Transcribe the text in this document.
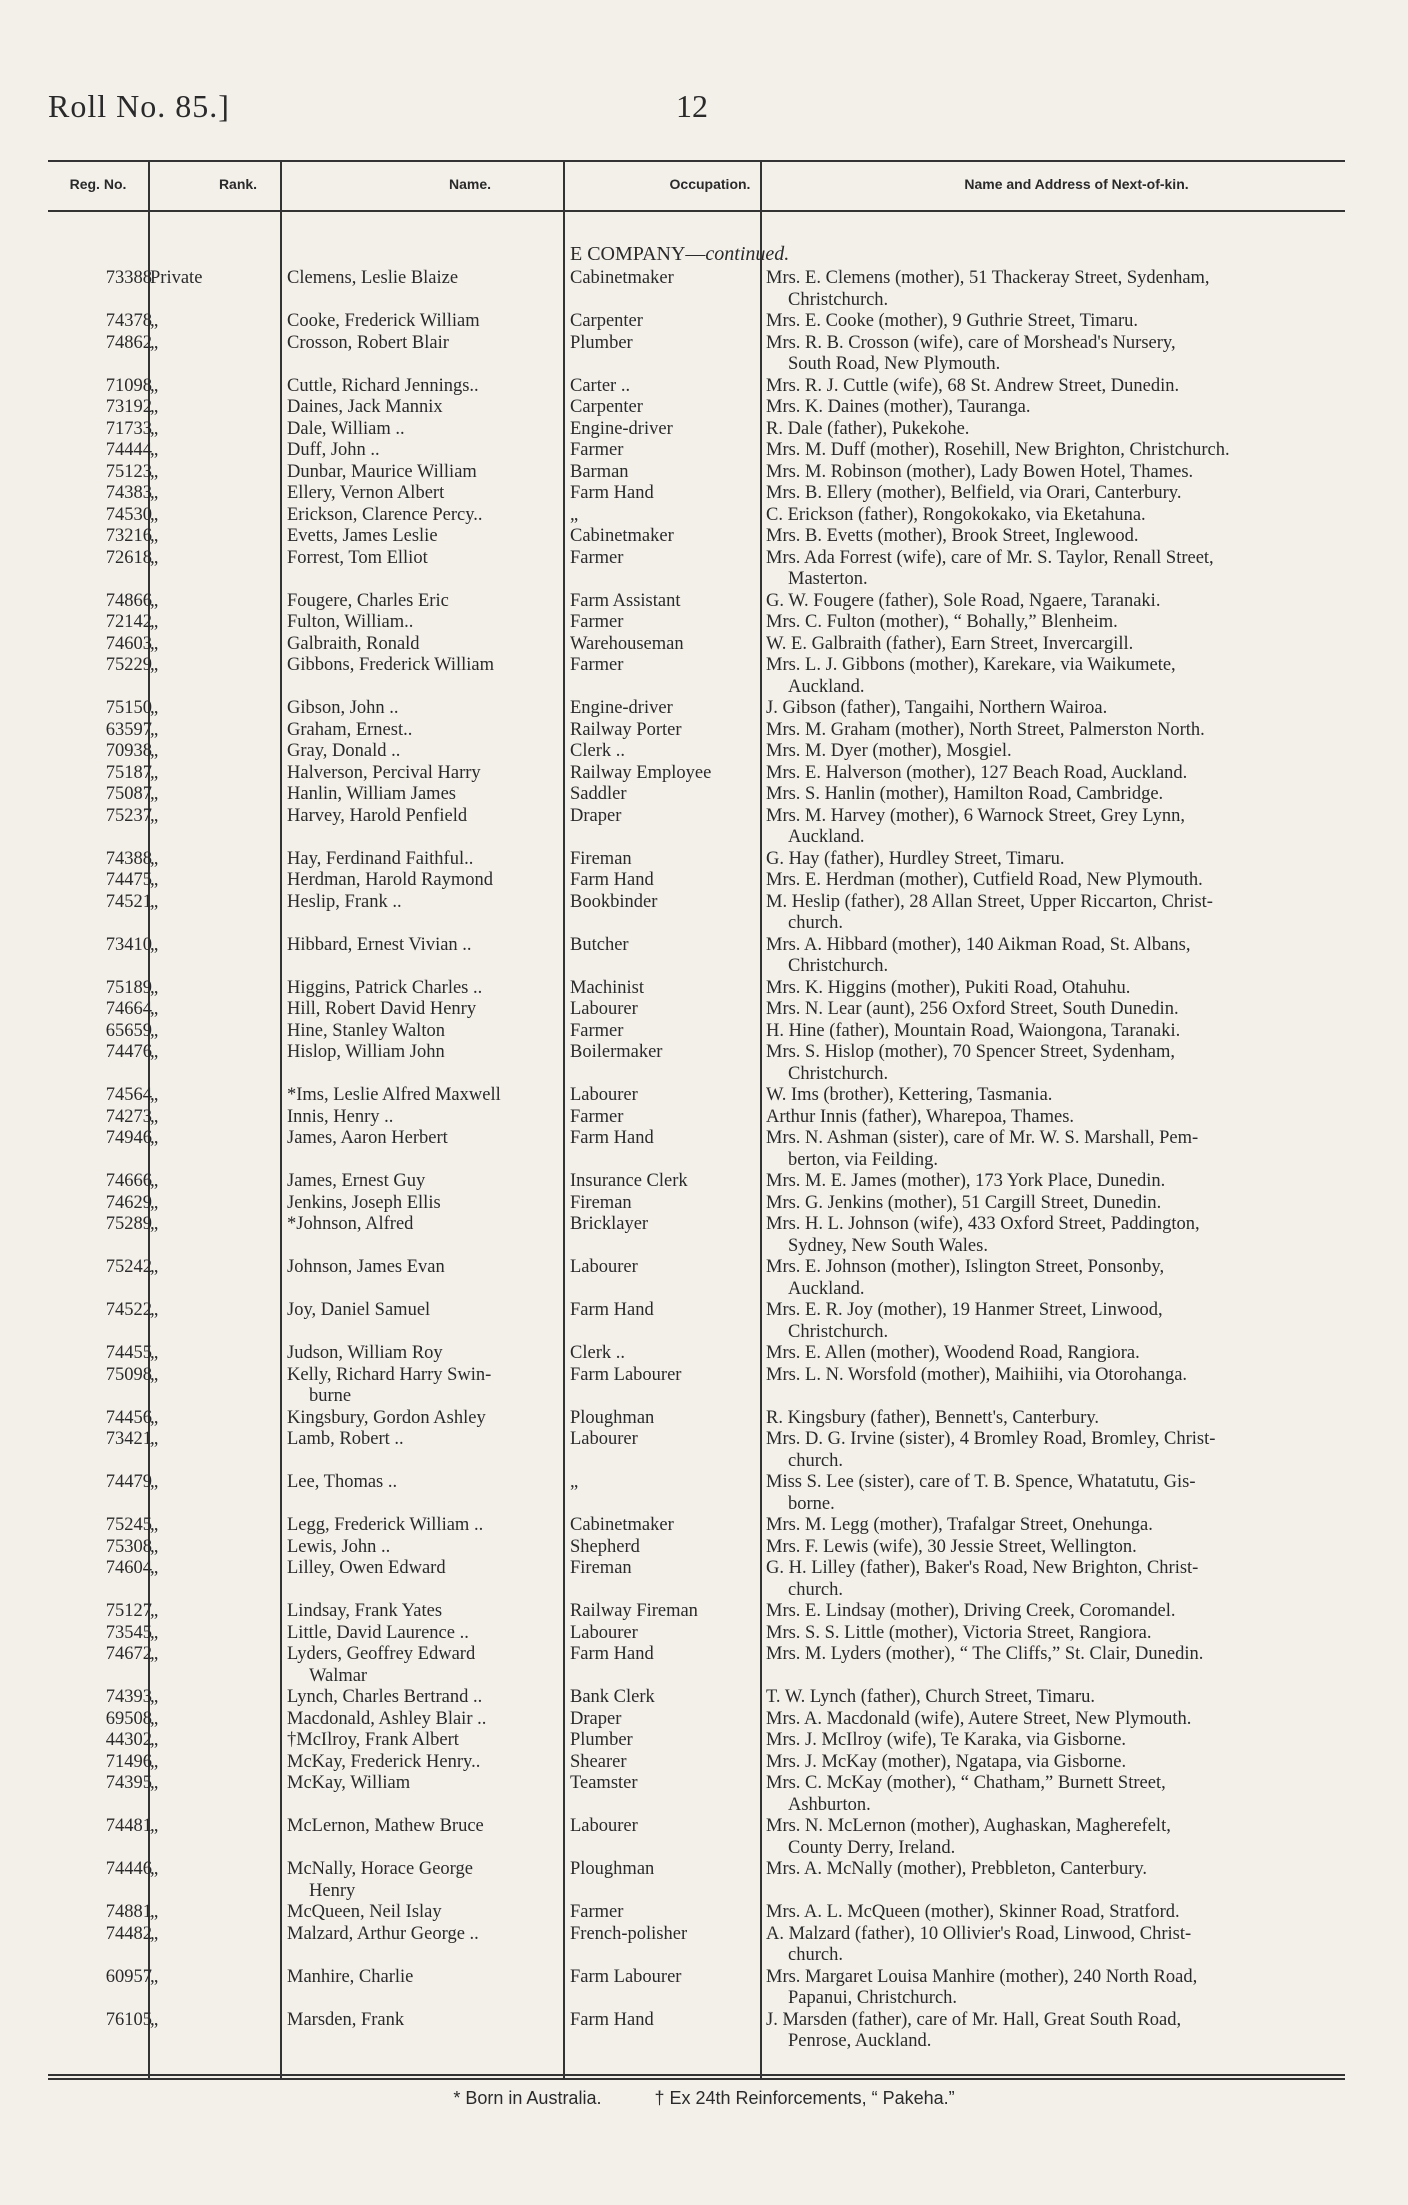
Roll No. 85.]	12
Reg. No.	Rank.	Name.	Occupation.	Name and Address of Next-of-kin.
E COMPANY—continued.
73388
Private	Clemens, Leslie Blaize	Cabinetmaker	Mrs. E. Clemens (mother), 51 Thackeray Street, Sydenham,
Christchurch.
74378
„	Cooke, Frederick William	Carpenter	Mrs. E. Cooke (mother), 9 Guthrie Street, Timaru.
74862
„	Crosson, Robert Blair	Plumber	Mrs. R. B. Crosson (wife), care of Morshead's Nursery,
South Road, New Plymouth.
71098
„	Cuttle, Richard Jennings..	Carter ..	Mrs. R. J. Cuttle (wife), 68 St. Andrew Street, Dunedin.
73192
„	Daines, Jack Mannix	Carpenter	Mrs. K. Daines (mother), Tauranga.
71733
„	Dale, William ..	Engine-driver	R. Dale (father), Pukekohe.
74444
„	Duff, John ..	Farmer	Mrs. M. Duff (mother), Rosehill, New Brighton, Christchurch.
75123
„	Dunbar, Maurice William	Barman	Mrs. M. Robinson (mother), Lady Bowen Hotel, Thames.
74383
„	Ellery, Vernon Albert	Farm Hand	Mrs. B. Ellery (mother), Belfield, via Orari, Canterbury.
74530
„	Erickson, Clarence Percy..	„	C. Erickson (father), Rongokokako, via Eketahuna.
73216
„	Evetts, James Leslie	Cabinetmaker	Mrs. B. Evetts (mother), Brook Street, Inglewood.
72618
„	Forrest, Tom Elliot	Farmer	Mrs. Ada Forrest (wife), care of Mr. S. Taylor, Renall Street,
Masterton.
74866
„	Fougere, Charles Eric	Farm Assistant	G. W. Fougere (father), Sole Road, Ngaere, Taranaki.
72142
„	Fulton, William..	Farmer	Mrs. C. Fulton (mother), “ Bohally,” Blenheim.
74603
„	Galbraith, Ronald	Warehouseman	W. E. Galbraith (father), Earn Street, Invercargill.
75229
„	Gibbons, Frederick William	Farmer	Mrs. L. J. Gibbons (mother), Karekare, via Waikumete,
Auckland.
75150
„	Gibson, John ..	Engine-driver	J. Gibson (father), Tangaihi, Northern Wairoa.
63597
„	Graham, Ernest..	Railway Porter	Mrs. M. Graham (mother), North Street, Palmerston North.
70938
„	Gray, Donald ..	Clerk ..	Mrs. M. Dyer (mother), Mosgiel.
75187
„	Halverson, Percival Harry	Railway Employee	Mrs. E. Halverson (mother), 127 Beach Road, Auckland.
75087
„	Hanlin, William James	Saddler	Mrs. S. Hanlin (mother), Hamilton Road, Cambridge.
75237
„	Harvey, Harold Penfield	Draper	Mrs. M. Harvey (mother), 6 Warnock Street, Grey Lynn,
Auckland.
74388
„	Hay, Ferdinand Faithful..	Fireman	G. Hay (father), Hurdley Street, Timaru.
74475
„	Herdman, Harold Raymond	Farm Hand	Mrs. E. Herdman (mother), Cutfield Road, New Plymouth.
74521
„	Heslip, Frank ..	Bookbinder	M. Heslip (father), 28 Allan Street, Upper Riccarton, Christ-
church.
73410
„	Hibbard, Ernest Vivian ..	Butcher	Mrs. A. Hibbard (mother), 140 Aikman Road, St. Albans,
Christchurch.
75189
„	Higgins, Patrick Charles ..	Machinist	Mrs. K. Higgins (mother), Pukiti Road, Otahuhu.
74664
„	Hill, Robert David Henry	Labourer	Mrs. N. Lear (aunt), 256 Oxford Street, South Dunedin.
65659
„	Hine, Stanley Walton	Farmer	H. Hine (father), Mountain Road, Waiongona, Taranaki.
74476
„	Hislop, William John	Boilermaker	Mrs. S. Hislop (mother), 70 Spencer Street, Sydenham,
Christchurch.
74564
„	*Ims, Leslie Alfred Maxwell	Labourer	W. Ims (brother), Kettering, Tasmania.
74273
„	Innis, Henry ..	Farmer	Arthur Innis (father), Wharepoa, Thames.
74946
„	James, Aaron Herbert	Farm Hand	Mrs. N. Ashman (sister), care of Mr. W. S. Marshall, Pem-
berton, via Feilding.
74666
„	James, Ernest Guy	Insurance Clerk	Mrs. M. E. James (mother), 173 York Place, Dunedin.
74629
„	Jenkins, Joseph Ellis	Fireman	Mrs. G. Jenkins (mother), 51 Cargill Street, Dunedin.
75289
„	*Johnson, Alfred	Bricklayer	Mrs. H. L. Johnson (wife), 433 Oxford Street, Paddington,
Sydney, New South Wales.
75242
„	Johnson, James Evan	Labourer	Mrs. E. Johnson (mother), Islington Street, Ponsonby,
Auckland.
74522
„	Joy, Daniel Samuel	Farm Hand	Mrs. E. R. Joy (mother), 19 Hanmer Street, Linwood,
Christchurch.
74455
„	Judson, William Roy	Clerk ..	Mrs. E. Allen (mother), Woodend Road, Rangiora.
75098
„	Kelly, Richard Harry Swin-
burne
Farm Labourer	Mrs. L. N. Worsfold (mother), Maihiihi, via Otorohanga.
74456
„	Kingsbury, Gordon Ashley	Ploughman	R. Kingsbury (father), Bennett's, Canterbury.
73421
„	Lamb, Robert ..	Labourer	Mrs. D. G. Irvine (sister), 4 Bromley Road, Bromley, Christ-
church.
74479
„	Lee, Thomas ..	„	Miss S. Lee (sister), care of T. B. Spence, Whatatutu, Gis-
borne.
75245
„	Legg, Frederick William ..	Cabinetmaker	Mrs. M. Legg (mother), Trafalgar Street, Onehunga.
75308
„	Lewis, John ..	Shepherd	Mrs. F. Lewis (wife), 30 Jessie Street, Wellington.
74604
„	Lilley, Owen Edward	Fireman	G. H. Lilley (father), Baker's Road, New Brighton, Christ-
church.
75127
„	Lindsay, Frank Yates	Railway Fireman	Mrs. E. Lindsay (mother), Driving Creek, Coromandel.
73545
„	Little, David Laurence ..	Labourer	Mrs. S. S. Little (mother), Victoria Street, Rangiora.
74672
„	Lyders, Geoffrey Edward
Walmar
Farm Hand	Mrs. M. Lyders (mother), “ The Cliffs,” St. Clair, Dunedin.
74393
„	Lynch, Charles Bertrand ..	Bank Clerk	T. W. Lynch (father), Church Street, Timaru.
69508
„	Macdonald, Ashley Blair ..	Draper	Mrs. A. Macdonald (wife), Autere Street, New Plymouth.
44302
„	†McIlroy, Frank Albert	Plumber	Mrs. J. McIlroy (wife), Te Karaka, via Gisborne.
71496
„	McKay, Frederick Henry..	Shearer	Mrs. J. McKay (mother), Ngatapa, via Gisborne.
74395
„	McKay, William	Teamster	Mrs. C. McKay (mother), “ Chatham,” Burnett Street,
Ashburton.
74481
„	McLernon, Mathew Bruce	Labourer	Mrs. N. McLernon (mother), Aughaskan, Magherefelt,
County Derry, Ireland.
74446
„	McNally, Horace George
Henry
Ploughman	Mrs. A. McNally (mother), Prebbleton, Canterbury.
74881
„	McQueen, Neil Islay	Farmer	Mrs. A. L. McQueen (mother), Skinner Road, Stratford.
74482
„	Malzard, Arthur George ..	French-polisher	A. Malzard (father), 10 Ollivier's Road, Linwood, Christ-
church.
60957
„	Manhire, Charlie	Farm Labourer	Mrs. Margaret Louisa Manhire (mother), 240 North Road,
Papanui, Christchurch.
76105
„	Marsden, Frank	Farm Hand	J. Marsden (father), care of Mr. Hall, Great South Road,
Penrose, Auckland.
* Born in Australia.	† Ex 24th Reinforcements, “ Pakeha.”
